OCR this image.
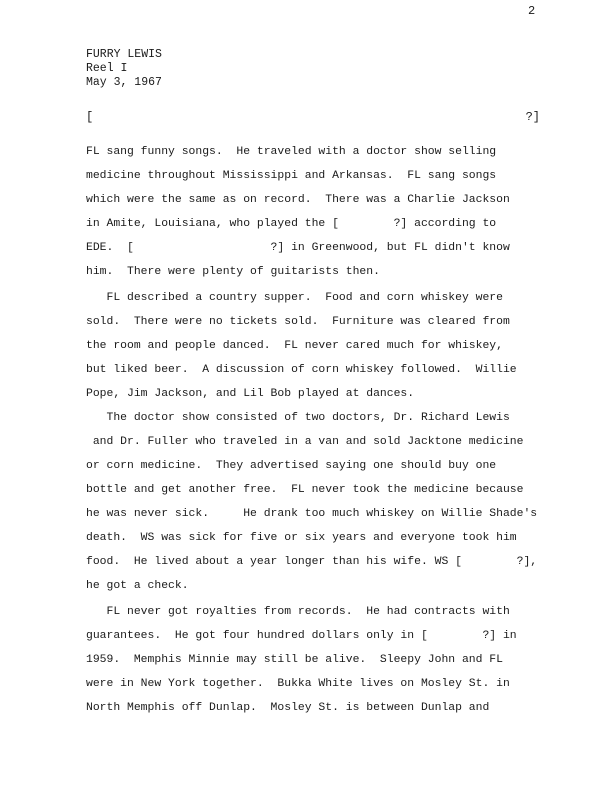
2
FURRY LEWIS
Reel I
May 3, 1967
[	?]
FL sang funny songs.  He traveled with a doctor show selling
medicine throughout Mississippi and Arkansas.  FL sang songs
which were the same as on record.  There was a Charlie Jackson
in Amite, Louisiana, who played the [        ?] according to
EDE.  [                    ?] in Greenwood, but FL didn't know
him.  There were plenty of guitarists then.
FL described a country supper.  Food and corn whiskey were
sold.  There were no tickets sold.  Furniture was cleared from
the room and people danced.  FL never cared much for whiskey,
but liked beer.  A discussion of corn whiskey followed.  Willie
Pope, Jim Jackson, and Lil Bob played at dances.
The doctor show consisted of two doctors, Dr. Richard Lewis
and Dr. Fuller who traveled in a van and sold Jacktone medicine
or corn medicine.  They advertised saying one should buy one
bottle and get another free.  FL never took the medicine because
he was never sick.     He drank too much whiskey on Willie Shade's
death.  WS was sick for five or six years and everyone took him
food.  He lived about a year longer than his wife. WS [        ?],
he got a check.
FL never got royalties from records.  He had contracts with
guarantees.  He got four hundred dollars only in [        ?] in
1959.  Memphis Minnie may still be alive.  Sleepy John and FL
were in New York together.  Bukka White lives on Mosley St. in
North Memphis off Dunlap.  Mosley St. is between Dunlap and
